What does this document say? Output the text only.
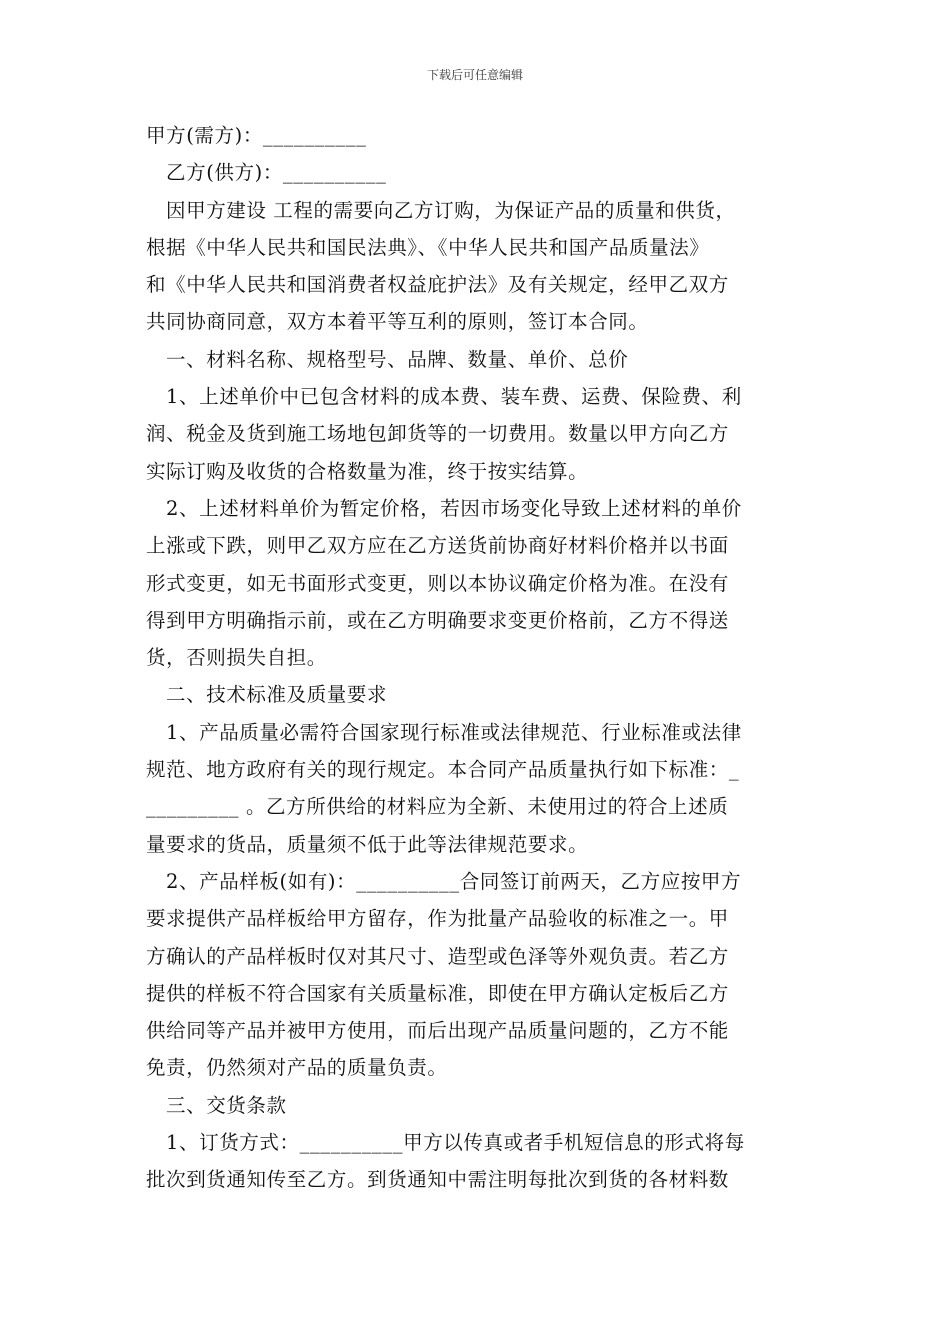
下载后可任意编辑
甲方(需方)：__________
乙方(供方)：__________
因甲方建设 工程的需要向乙方订购，为保证产品的质量和供货，
根据《中华人民共和国民法典》、《中华人民共和国产品质量法》
和《中华人民共和国消费者权益庇护法》及有关规定，经甲乙双方
共同协商同意，双方本着平等互利的原则，签订本合同。
一、材料名称、规格型号、品牌、数量、单价、总价
1、上述单价中已包含材料的成本费、装车费、运费、保险费、利
润、税金及货到施工场地包卸货等的一切费用。数量以甲方向乙方
实际订购及收货的合格数量为准，终于按实结算。
2、上述材料单价为暂定价格，若因市场变化导致上述材料的单价
上涨或下跌，则甲乙双方应在乙方送货前协商好材料价格并以书面
形式变更，如无书面形式变更，则以本协议确定价格为准。在没有
得到甲方明确指示前，或在乙方明确要求变更价格前，乙方不得送
货，否则损失自担。
二、技术标准及质量要求
1、产品质量必需符合国家现行标准或法律规范、行业标准或法律
规范、地方政府有关的现行规定。本合同产品质量执行如下标准：_
_________ 。乙方所供给的材料应为全新、未使用过的符合上述质
量要求的货品，质量须不低于此等法律规范要求。
2、产品样板(如有)：__________合同签订前两天，乙方应按甲方
要求提供产品样板给甲方留存，作为批量产品验收的标准之一。甲
方确认的产品样板时仅对其尺寸、造型或色泽等外观负责。若乙方
提供的样板不符合国家有关质量标准，即使在甲方确认定板后乙方
供给同等产品并被甲方使用，而后出现产品质量问题的，乙方不能
免责，仍然须对产品的质量负责。
三、交货条款
1、订货方式：__________甲方以传真或者手机短信息的形式将每
批次到货通知传至乙方。到货通知中需注明每批次到货的各材料数
